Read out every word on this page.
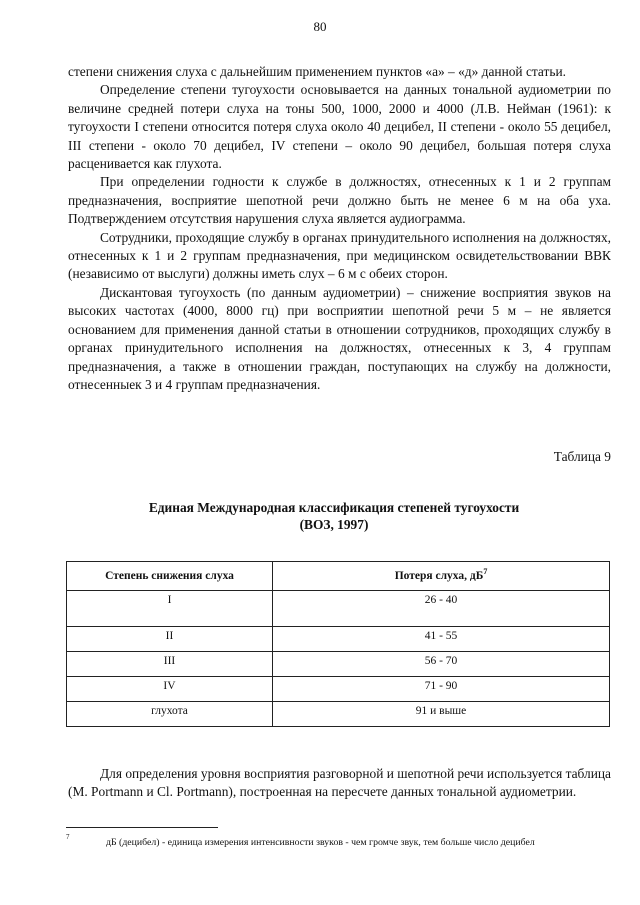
80

степени снижения слуха с дальнейшим применением пунктов «а» – «д» данной статьи.

Определение степени тугоухости основывается на данных тональной аудиометрии по величине средней потери слуха на тоны 500, 1000, 2000 и 4000 (Л.В. Нейман (1961): к тугоухости I степени относится потеря слуха около 40 децибел, II степени - около 55 децибел, III степени - около 70 децибел, IV степени – около 90 децибел, большая потеря слуха расценивается как глухота.

При определении годности к службе в должностях, отнесенных к 1 и 2 группам предназначения, восприятие шепотной речи должно быть не менее 6 м на оба уха. Подтверждением отсутствия нарушения слуха является аудиограмма.

Сотрудники, проходящие службу в органах принудительного исполнения на должностях, отнесенных к 1 и 2 группам предназначения, при медицинском освидетельствовании ВВК (независимо от выслуги) должны иметь слух – 6 м с обеих сторон.

Дискантовая тугоухость (по данным аудиометрии) – снижение восприятия звуков на высоких частотах (4000, 8000 гц) при восприятии шепотной речи 5 м – не является основанием для применения данной статьи в отношении сотрудников, проходящих службу в органах принудительного исполнения на должностях, отнесенных к 3, 4 группам предназначения, а также в отношении граждан, поступающих на службу на должности, отнесенныек 3 и 4 группам предназначения.

Таблица 9
Единая Международная классификация степеней тугоухости
(ВОЗ, 1997)
Степень снижения слуха	Потеря слуха, $дБ^7$
I	26 - 40
II	41 - 55
III	56 - 70
IV	71 - 90
глухота	91 и выше

Для определения уровня восприятия разговорной и шепотной речи используется таблица (M. Portmann и Cl. Portmann), построенная на пересчете данных тональной аудиометрии.

7	дБ (децибел) - единица измерения интенсивности звуков - чем громче звук, тем больше число децибел
